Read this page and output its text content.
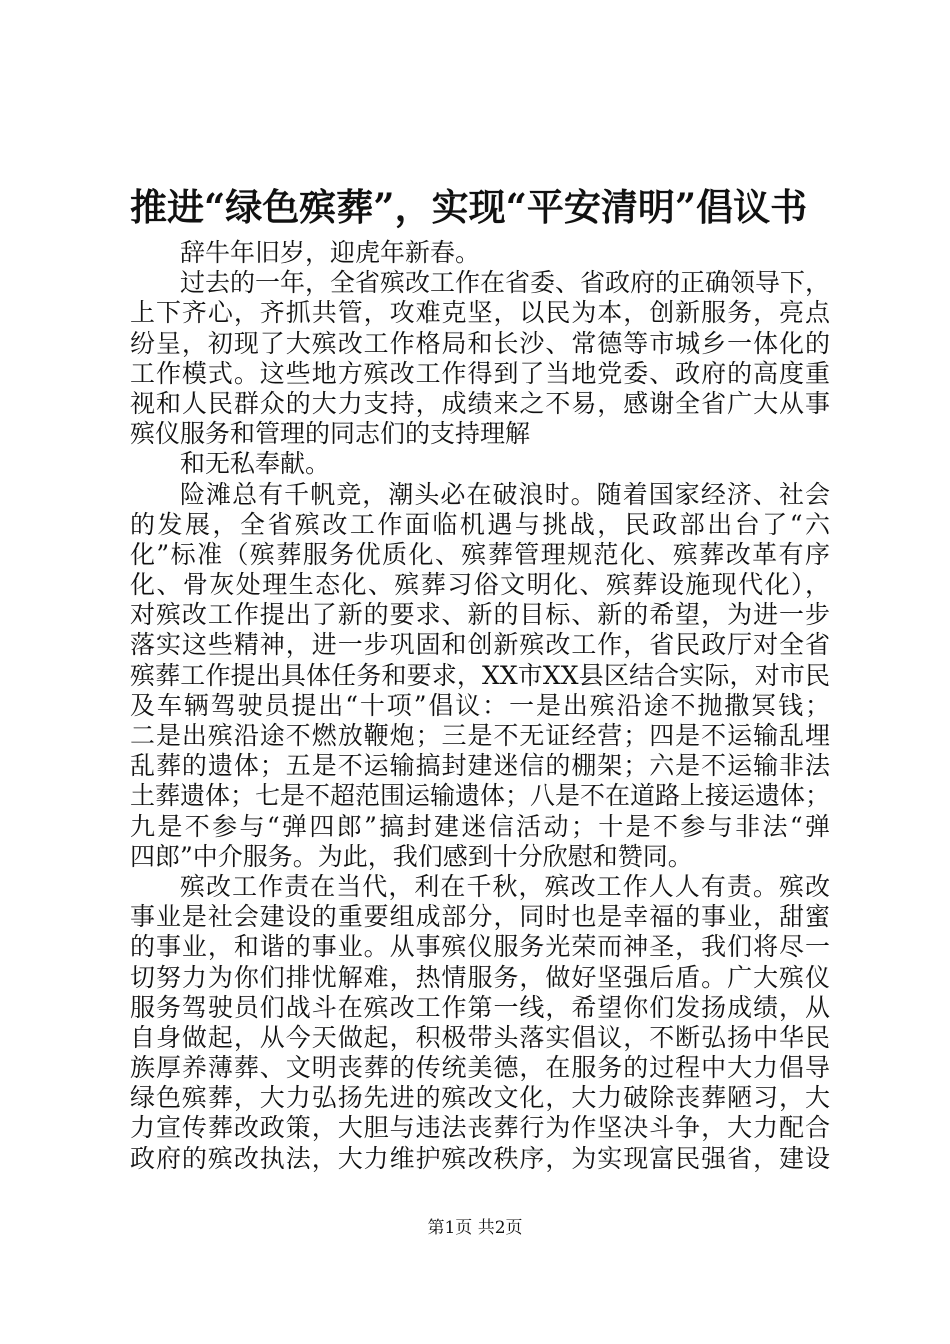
推进“绿色殡葬”，实现“平安清明”倡议书
辞牛年旧岁，迎虎年新春。
过去的一年，全省殡改工作在省委、省政府的正确领导下，
上下齐心，齐抓共管，攻难克坚，以民为本，创新服务，亮点
纷呈，初现了大殡改工作格局和长沙、常德等市城乡一体化的
工作模式。这些地方殡改工作得到了当地党委、政府的高度重
视和人民群众的大力支持，成绩来之不易，感谢全省广大从事
殡仪服务和管理的同志们的支持理解
和无私奉献。
险滩总有千帆竞，潮头必在破浪时。随着国家经济、社会
的发展，全省殡改工作面临机遇与挑战，民政部出台了“六
化”标准（殡葬服务优质化、殡葬管理规范化、殡葬改革有序
化、骨灰处理生态化、殡葬习俗文明化、殡葬设施现代化），
对殡改工作提出了新的要求、新的目标、新的希望，为进一步
落实这些精神，进一步巩固和创新殡改工作，省民政厅对全省
殡葬工作提出具体任务和要求，XX市XX县区结合实际，对市民
及车辆驾驶员提出“十项”倡议：一是出殡沿途不抛撒冥钱；
二是出殡沿途不燃放鞭炮；三是不无证经营；四是不运输乱埋
乱葬的遗体；五是不运输搞封建迷信的棚架；六是不运输非法
土葬遗体；七是不超范围运输遗体；八是不在道路上接运遗体；
九是不参与“弹四郎”搞封建迷信活动；十是不参与非法“弹
四郎”中介服务。为此，我们感到十分欣慰和赞同。
殡改工作责在当代，利在千秋，殡改工作人人有责。殡改
事业是社会建设的重要组成部分，同时也是幸福的事业，甜蜜
的事业，和谐的事业。从事殡仪服务光荣而神圣，我们将尽一
切努力为你们排忧解难，热情服务，做好坚强后盾。广大殡仪
服务驾驶员们战斗在殡改工作第一线，希望你们发扬成绩，从
自身做起，从今天做起，积极带头落实倡议，不断弘扬中华民
族厚养薄葬、文明丧葬的传统美德，在服务的过程中大力倡导
绿色殡葬，大力弘扬先进的殡改文化，大力破除丧葬陋习，大
力宣传葬改政策，大胆与违法丧葬行为作坚决斗争，大力配合
政府的殡改执法，大力维护殡改秩序，为实现富民强省，建设
第1页 共2页
